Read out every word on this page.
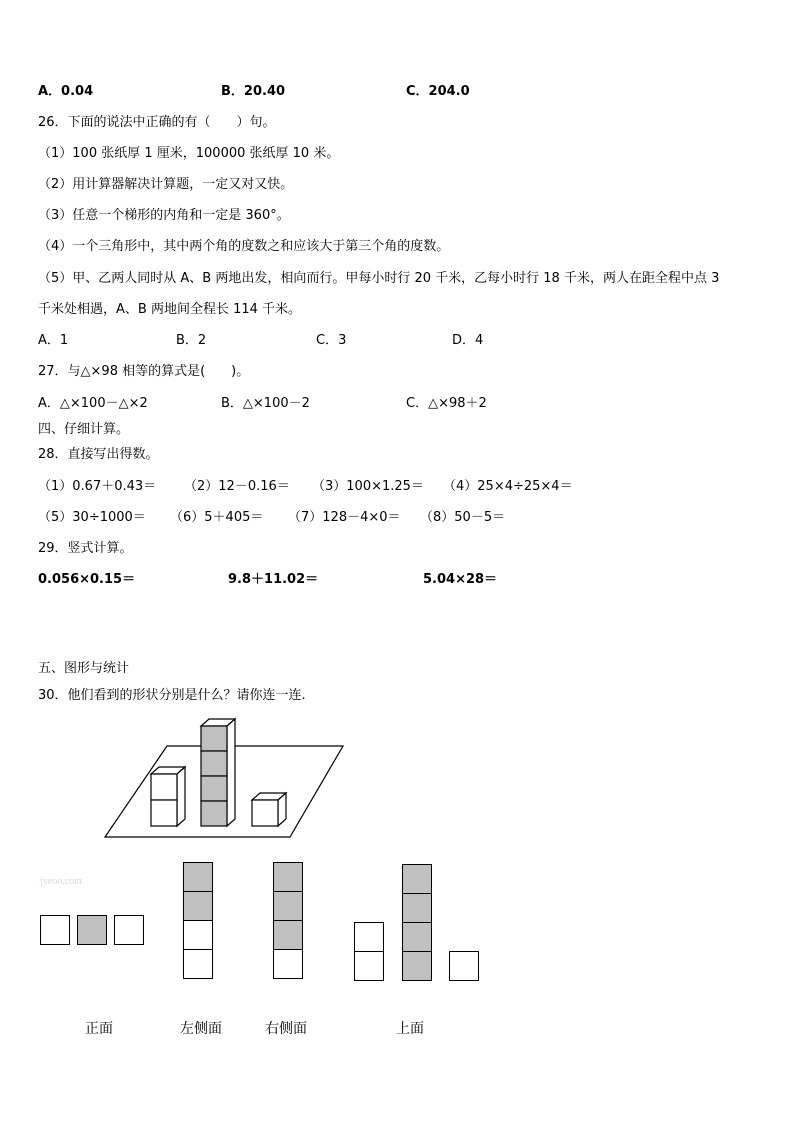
A．0.04	B．20.40	C．204.0
26．下面的说法中正确的有（　　）句。
（1）100 张纸厚 1 厘米，100000 张纸厚 10 米。
（2）用计算器解决计算题，一定又对又快。
（3）任意一个梯形的内角和一定是 360°。
（4）一个三角形中，其中两个角的度数之和应该大于第三个角的度数。
（5）甲、乙两人同时从 A、B 两地出发，相向而行。甲每小时行 20 千米，乙每小时行 18 千米，两人在距全程中点 3
千米处相遇，A、B 两地间全程长 114 千米。
A．1	B．2	C．3	D．4
27．与△×98 相等的算式是(　　)。
A．△×100－△×2	B．△×100－2	C．△×98＋2
四、仔细计算。
28．直接写出得数。
（1）0.67＋0.43＝ （2）12－0.16＝ （3）100×1.25＝ （4）25×4÷25×4＝
（5）30÷1000＝ （6）5＋405＝ （7）128－4×0＝ （8）50－5＝
29．竖式计算。
0.056×0.15＝	9.8＋11.02＝	5.04×28＝
五、图形与统计
30．他们看到的形状分别是什么？请你连一连.
jyeoo.com
正面	左侧面	右侧面	上面
